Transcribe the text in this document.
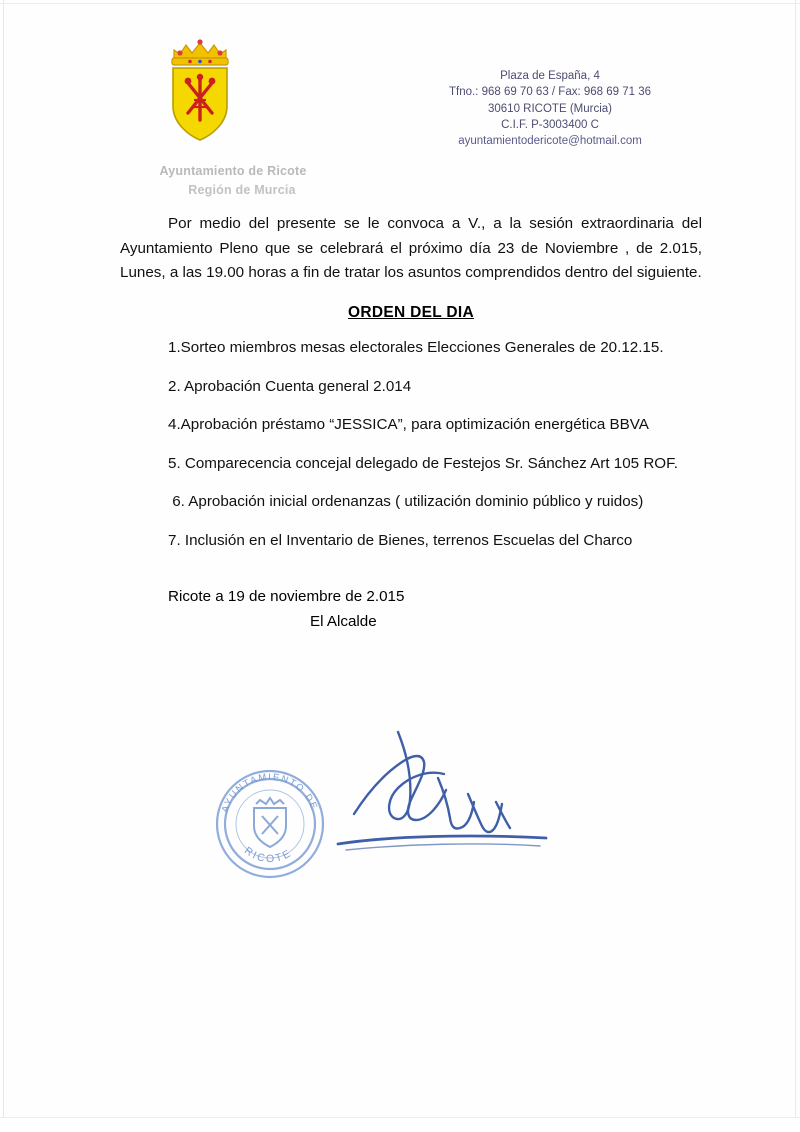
Ayuntamiento de Ricote
Región de Murcia
Plaza de España, 4
Tfno.: 968 69 70 63 / Fax: 968 69 71 36
30610 RICOTE (Murcia)
C.I.F. P-3003400 C
ayuntamientodericote@hotmail.com

Por medio del presente se le convoca a V., a la sesión extraordinaria del Ayuntamiento Pleno que se celebrará el próximo día 23 de Noviembre , de 2.015, Lunes, a las 19.00 horas a fin de tratar los asuntos comprendidos dentro del siguiente.

ORDEN DEL DIA

1.Sorteo miembros mesas electorales Elecciones Generales de 20.12.15.

2. Aprobación Cuenta general 2.014

4.Aprobación préstamo “JESSICA”, para optimización energética BBVA

5. Comparecencia concejal delegado de Festejos Sr. Sánchez Art 105 ROF.

6. Aprobación inicial ordenanzas ( utilización dominio público y ruidos)

7. Inclusión en el Inventario de Bienes, terrenos Escuelas del Charco

Ricote a 19 de noviembre de 2.015
El Alcalde
AYUNTAMIENTO DE
RICOTE
